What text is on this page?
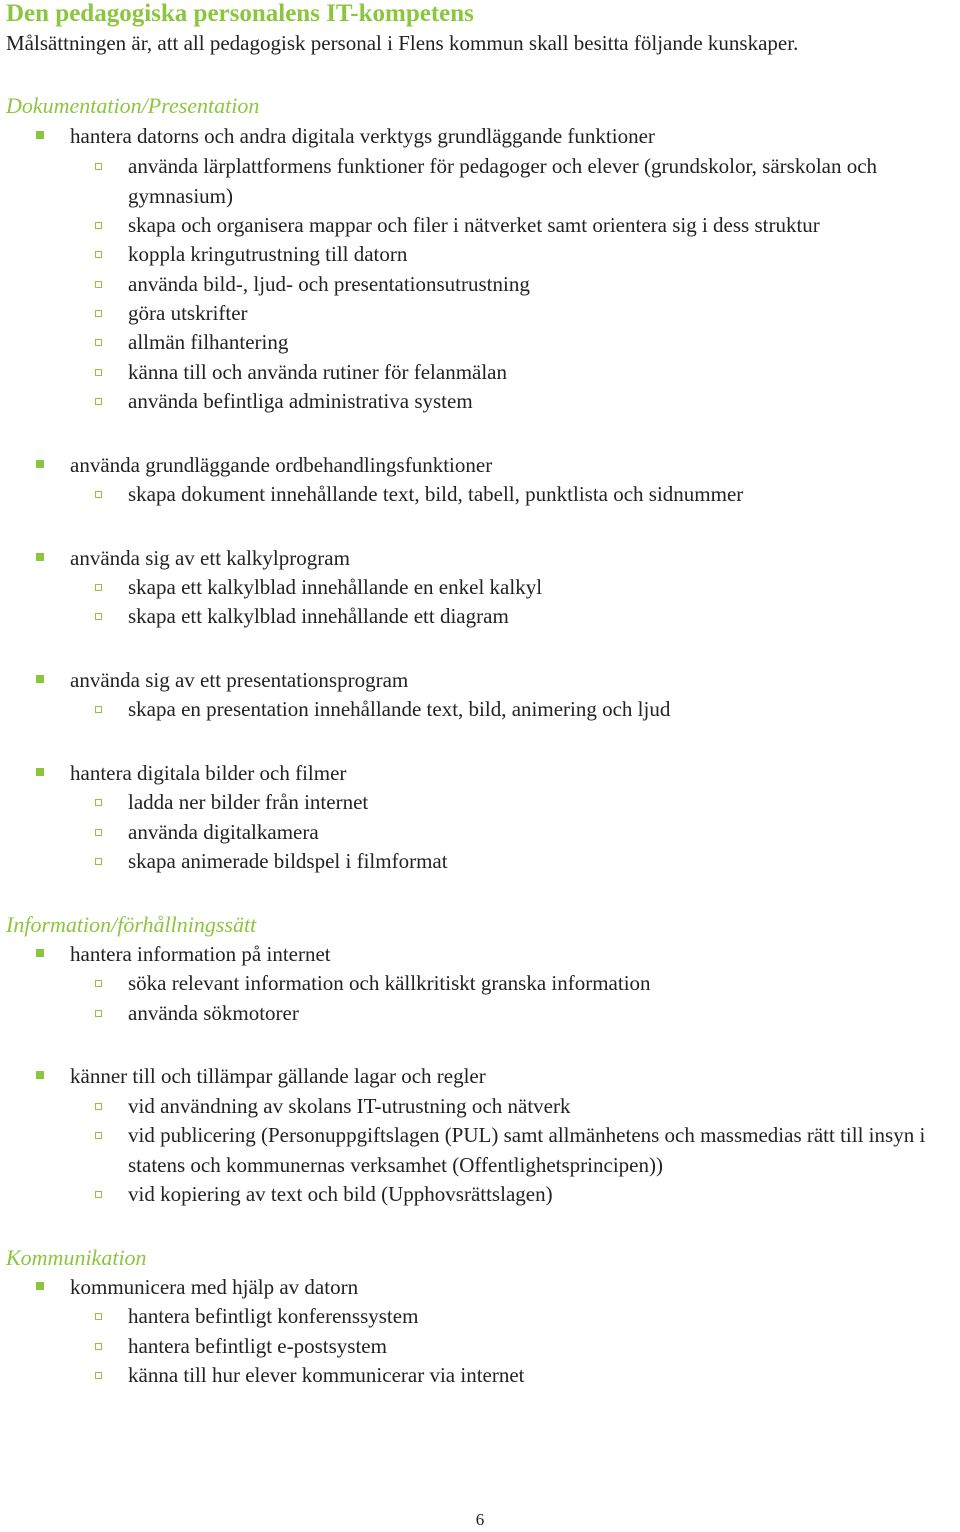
Den pedagogiska personalens IT-kompetens
Målsättningen är, att all pedagogisk personal i Flens kommun skall besitta följande kunskaper.
Dokumentation/Presentation
hantera datorns och andra digitala verktygs grundläggande funktioner
använda lärplattformens funktioner för pedagoger och elever (grundskolor, särskolan och gymnasium)
skapa och organisera mappar och filer i nätverket samt orientera sig i dess struktur
koppla kringutrustning till datorn
använda bild-, ljud- och presentationsutrustning
göra utskrifter
allmän filhantering
känna till och använda rutiner för felanmälan
använda befintliga administrativa system
använda grundläggande ordbehandlingsfunktioner
skapa dokument innehållande text, bild, tabell, punktlista och sidnummer
använda sig av ett kalkylprogram
skapa ett kalkylblad innehållande en enkel kalkyl
skapa ett kalkylblad innehållande ett diagram
använda sig av ett presentationsprogram
skapa en presentation innehållande text, bild, animering och ljud
hantera digitala bilder och filmer
ladda ner bilder från internet
använda digitalkamera
skapa animerade bildspel i filmformat
Information/förhållningssätt
hantera information på internet
söka relevant information och källkritiskt granska information
använda sökmotorer
känner till och tillämpar gällande lagar och regler
vid användning av skolans IT-utrustning och nätverk
vid publicering (Personuppgiftslagen (PUL) samt allmänhetens och massmedias rätt till insyn i statens och kommunernas verksamhet (Offentlighetsprincipen))
vid kopiering av text och bild (Upphovsrättslagen)
Kommunikation
kommunicera med hjälp av datorn
hantera befintligt konferenssystem
hantera befintligt e-postsystem
känna till hur elever kommunicerar via internet
6
